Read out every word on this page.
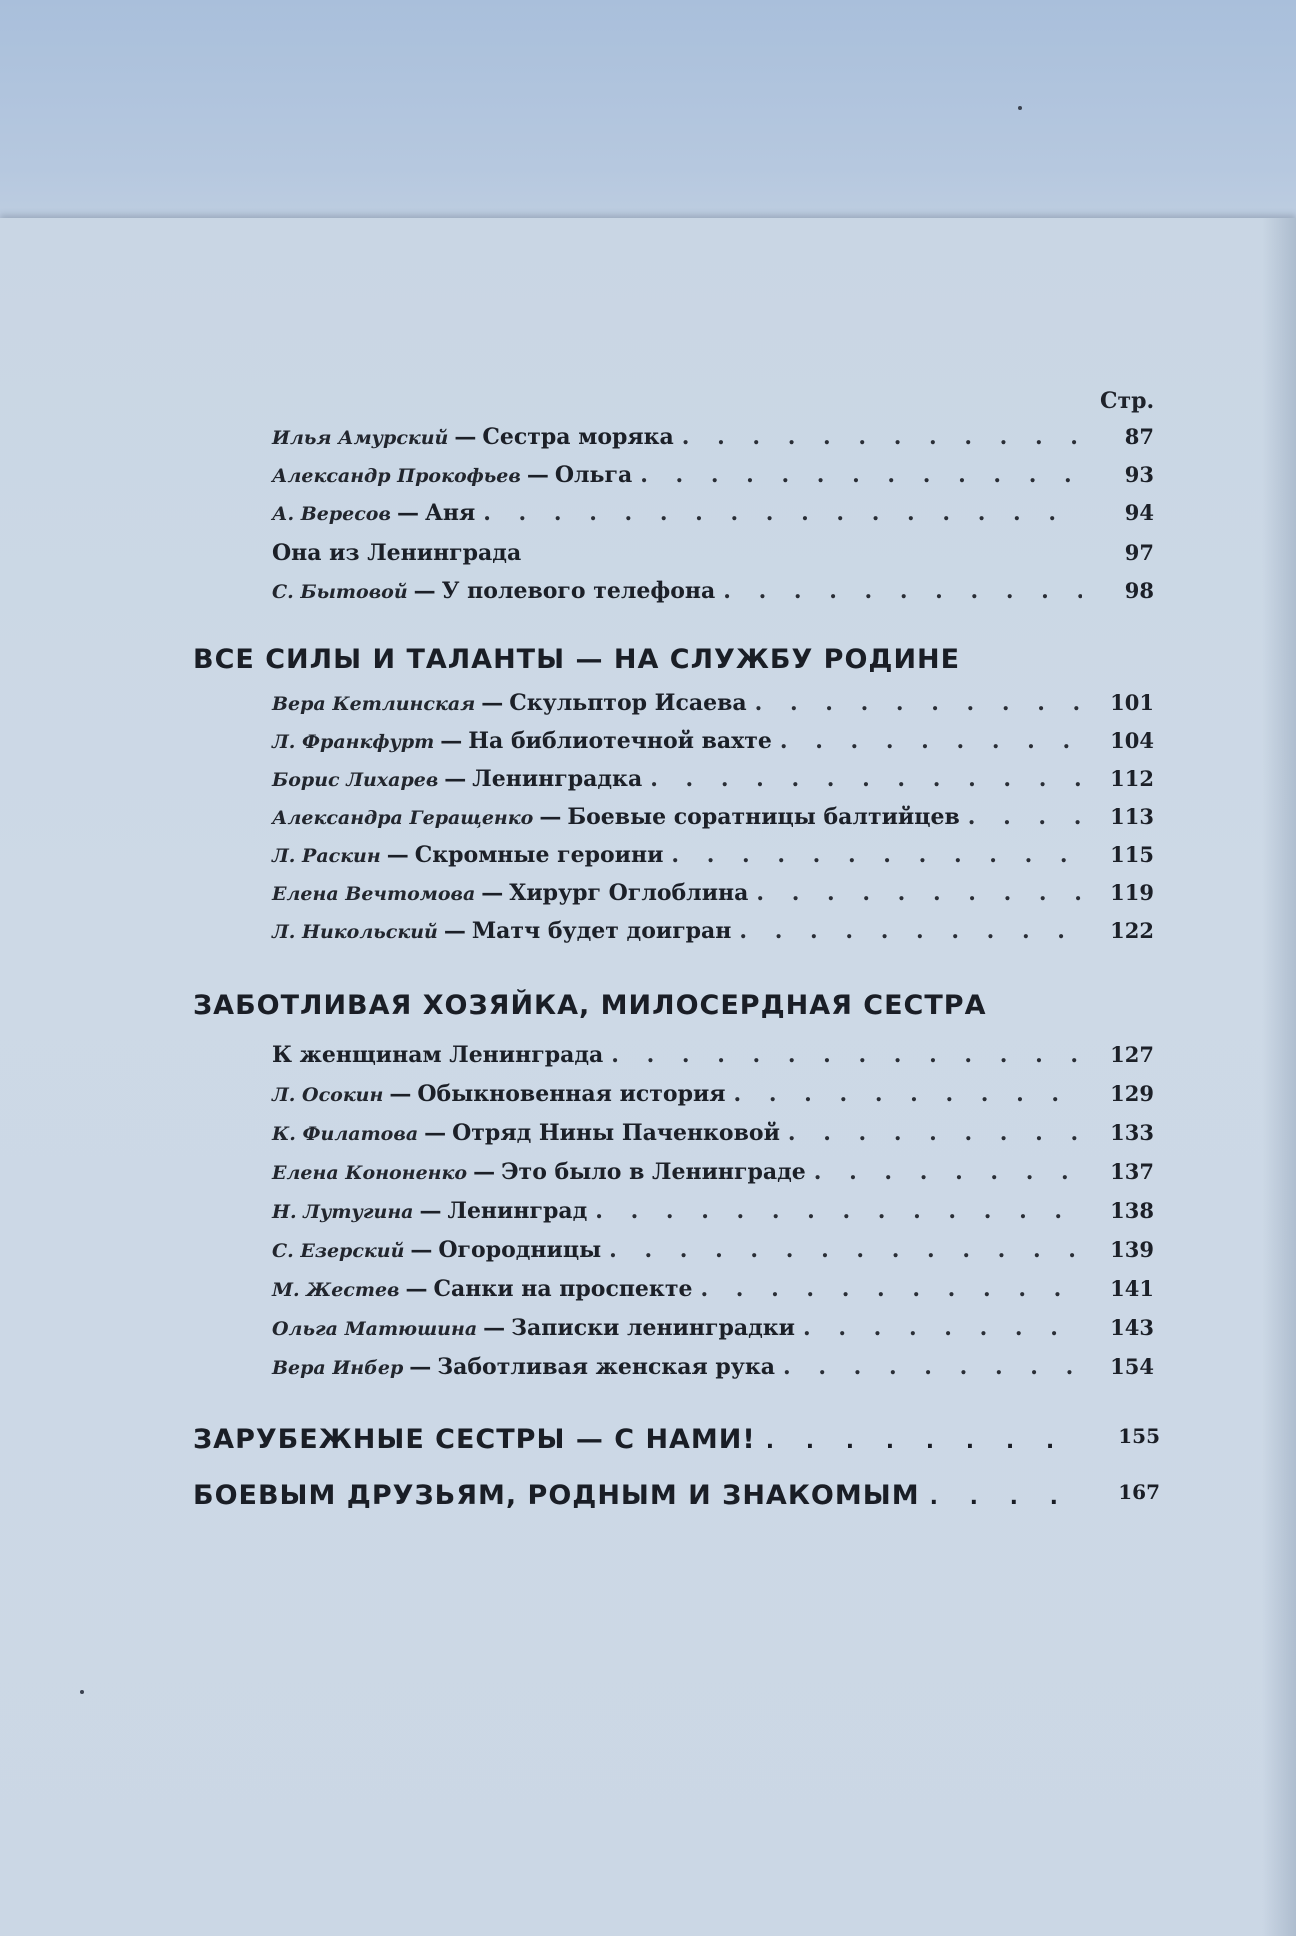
Стр.
Илья Амурский — Сестра моряка . . .	87
Александр Прокофьев — Ольга . . .	93
А. Вересов — Аня . . .	94
Она из Ленинграда	97
С. Бытовой — У полевого телефона . . .	98
ВСЕ СИЛЫ И ТАЛАНТЫ — НА СЛУЖБУ РОДИНЕ
Вера Кетлинская — Скульптор Исаева . . .	101
Л. Франкфурт — На библиотечной вахте . . .	104
Борис Лихарев — Ленинградка . . .	112
Александра Геращенко — Боевые соратницы балтийцев . . .	113
Л. Раскин — Скромные героини . . .	115
Елена Вечтомова — Хирург Оглоблина . . .	119
Л. Никольский — Матч будет доигран . . .	122
ЗАБОТЛИВАЯ ХОЗЯЙКА, МИЛОСЕРДНАЯ СЕСТРА
К женщинам Ленинграда . . .	127
Л. Осокин — Обыкновенная история . . .	129
К. Филатова — Отряд Нины Паченковой . . .	133
Елена Кононенко — Это было в Ленинграде . . .	137
Н. Лутугина — Ленинград . . .	138
С. Езерский — Огородницы . . .	139
М. Жестев — Санки на проспекте . . .	141
Ольга Матюшина — Записки ленинградки . . .	143
Вера Инбер — Заботливая женская рука . . .	154
ЗАРУБЕЖНЫЕ СЕСТРЫ — С НАМИ! . . .	155
БОЕВЫМ ДРУЗЬЯМ, РОДНЫМ И ЗНАКОМЫМ . . .	167
